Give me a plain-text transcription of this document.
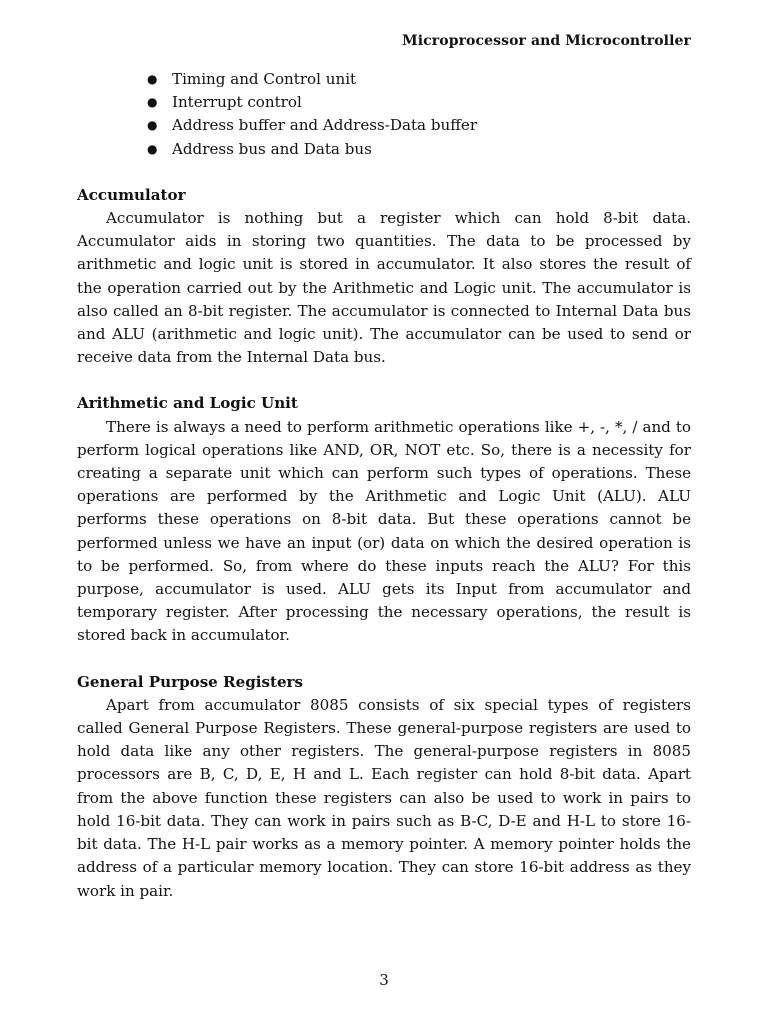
Microprocessor and Microcontroller
● Timing and Control unit
● Interrupt control
● Address buffer and Address-Data buffer
● Address bus and Data bus
Accumulator

Accumulator is nothing but a register which can hold 8-bit data. Accumulator aids in storing two quantities. The data to be processed by arithmetic and logic unit is stored in accumulator. It also stores the result of the operation carried out by the Arithmetic and Logic unit. The accumulator is also called an 8-bit register. The accumulator is connected to Internal Data bus and ALU (arithmetic and logic unit). The accumulator can be used to send or receive data from the Internal Data bus.

Arithmetic and Logic Unit

There is always a need to perform arithmetic operations like +, -, *, / and to perform logical operations like AND, OR, NOT etc. So, there is a necessity for creating a separate unit which can perform such types of operations. These operations are performed by the Arithmetic and Logic Unit (ALU). ALU performs these operations on 8-bit data. But these operations cannot be performed unless we have an input (or) data on which the desired operation is to be performed. So, from where do these inputs reach the ALU? For this purpose, accumulator is used. ALU gets its Input from accumulator and temporary register. After processing the necessary operations, the result is stored back in accumulator.

General Purpose Registers

Apart from accumulator 8085 consists of six special types of registers called General Purpose Registers. These general-purpose registers are used to hold data like any other registers. The general-purpose registers in 8085 processors are B, C, D, E, H and L. Each register can hold 8-bit data. Apart from the above function these registers can also be used to work in pairs to hold 16-bit data. They can work in pairs such as B-C, D-E and H-L to store 16-bit data. The H-L pair works as a memory pointer. A memory pointer holds the address of a particular memory location. They can store 16-bit address as they work in pair.

3
